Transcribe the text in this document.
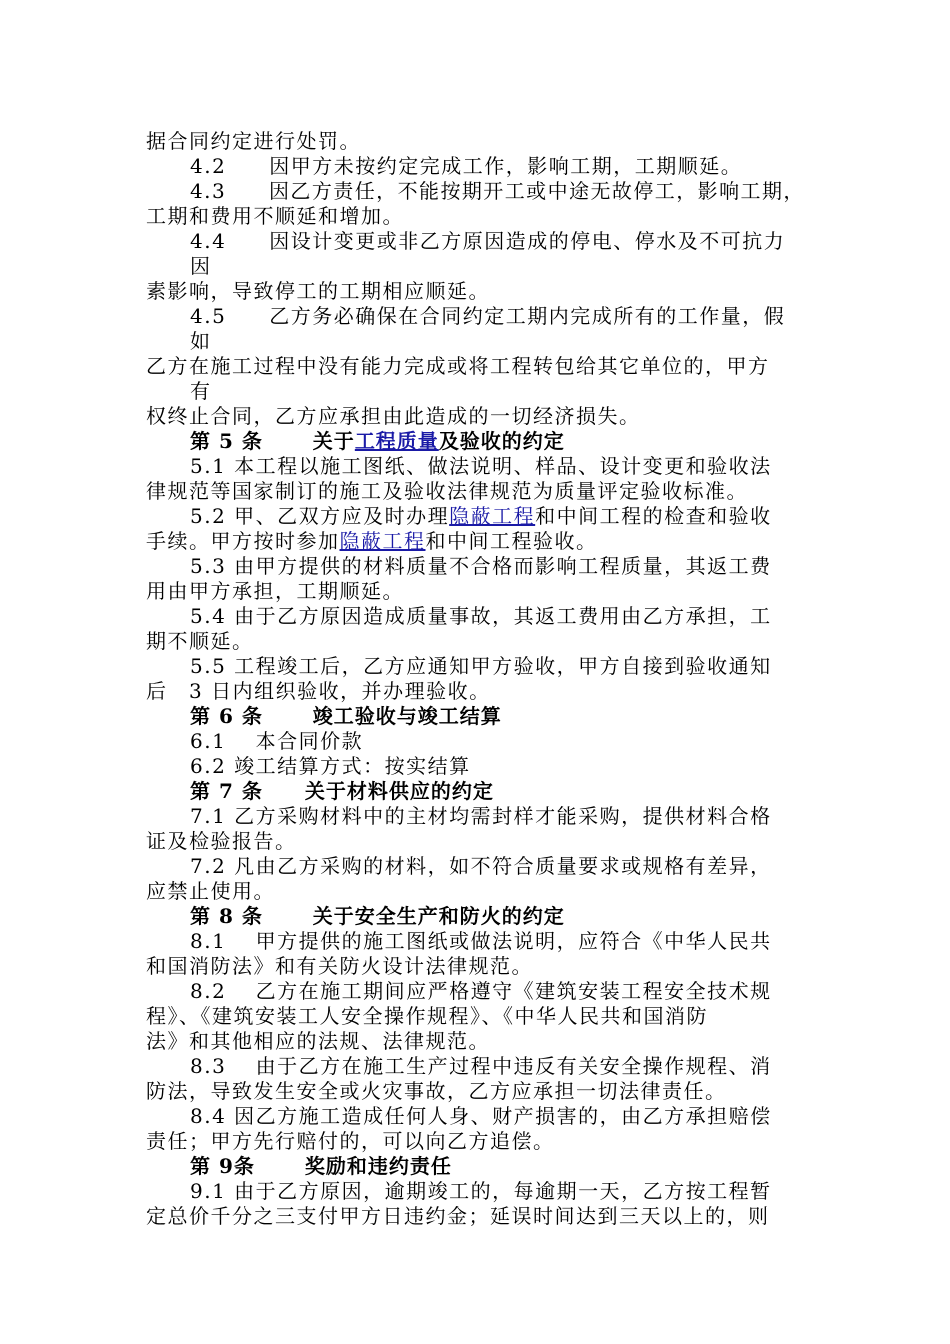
据合同约定进行处罚。
4.2　　因甲方未按约定完成工作，影响工期，工期顺延。
4.3　　因乙方责任，不能按期开工或中途无故停工，影响工期，
工期和费用不顺延和增加。
4.4　　因设计变更或非乙方原因造成的停电、停水及不可抗力
因
素影响，导致停工的工期相应顺延。
4.5　　乙方务必确保在合同约定工期内完成所有的工作量，假
如
乙方在施工过程中没有能力完成或将工程转包给其它单位的，甲方
有
权终止合同，乙方应承担由此造成的一切经济损失。
第 5 条　　 关于工程质量及验收的约定
5.1 本工程以施工图纸、做法说明、样品、设计变更和验收法
律规范等国家制订的施工及验收法律规范为质量评定验收标准。
5.2 甲、乙双方应及时办理隐蔽工程和中间工程的检查和验收
手续。甲方按时参加隐蔽工程和中间工程验收。
5.3 由甲方提供的材料质量不合格而影响工程质量，其返工费
用由甲方承担，工期顺延。
5.4 由于乙方原因造成质量事故，其返工费用由乙方承担，工
期不顺延。
5.5 工程竣工后，乙方应通知甲方验收，甲方自接到验收通知
后　3 日内组织验收，并办理验收。
第 6 条　　 竣工验收与竣工结算
6.1　 本合同价款
6.2 竣工结算方式：按实结算
第 7 条　　关于材料供应的约定
7.1 乙方采购材料中的主材均需封样才能采购，提供材料合格
证及检验报告。
7.2 凡由乙方采购的材料，如不符合质量要求或规格有差异，
应禁止使用。
第 8 条　　 关于安全生产和防火的约定
8.1　 甲方提供的施工图纸或做法说明，应符合《中华人民共
和国消防法》和有关防火设计法律规范。
8.2　 乙方在施工期间应严格遵守《建筑安装工程安全技术规
程》、《建筑安装工人安全操作规程》、《中华人民共和国消防
法》和其他相应的法规、法律规范。
8.3　 由于乙方在施工生产过程中违反有关安全操作规程、消
防法，导致发生安全或火灾事故，乙方应承担一切法律责任。
8.4 因乙方施工造成任何人身、财产损害的，由乙方承担赔偿
责任；甲方先行赔付的，可以向乙方追偿。
第 9条　　 奖励和违约责任
9.1 由于乙方原因，逾期竣工的，每逾期一天，乙方按工程暂
定总价千分之三支付甲方日违约金；延误时间达到三天以上的，则
